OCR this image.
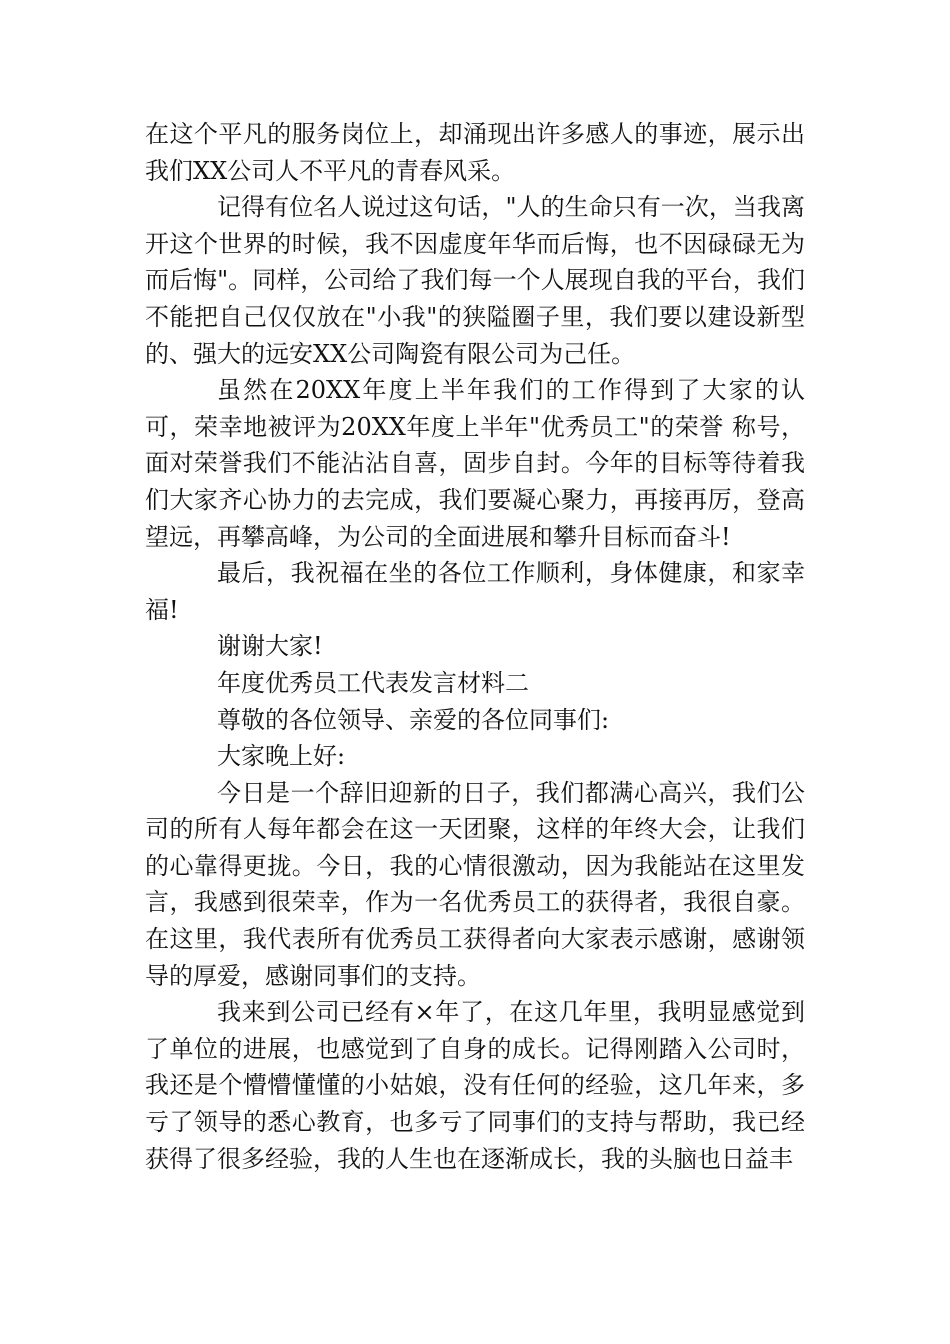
在这个平凡的服务岗位上，却涌现出许多感人的事迹，展示出我们XX公司人不平凡的青春风采。

记得有位名人说过这句话，"人的生命只有一次，当我离开这个世界的时候，我不因虚度年华而后悔，也不因碌碌无为而后悔"。同样，公司给了我们每一个人展现自我的平台，我们不能把自己仅仅放在"小我"的狭隘圈子里，我们要以建设新型的、强大的远安XX公司陶瓷有限公司为己任。

虽然在20XX年度上半年我们的工作得到了大家的认可，荣幸地被评为20XX年度上半年"优秀员工"的荣誉 称号，面对荣誉我们不能沾沾自喜，固步自封。今年的目标等待着我们大家齐心协力的去完成，我们要凝心聚力，再接再厉，登高望远，再攀高峰，为公司的全面进展和攀升目标而奋斗!

最后，我祝福在坐的各位工作顺利，身体健康，和家幸福!

谢谢大家!

年度优秀员工代表发言材料二

尊敬的各位领导、亲爱的各位同事们:

大家晚上好:

今日是一个辞旧迎新的日子，我们都满心高兴，我们公司的所有人每年都会在这一天团聚，这样的年终大会，让我们的心靠得更拢。今日，我的心情很激动，因为我能站在这里发言，我感到很荣幸，作为一名优秀员工的获得者，我很自豪。在这里，我代表所有优秀员工获得者向大家表示感谢，感谢领导的厚爱，感谢同事们的支持。

我来到公司已经有×年了，在这几年里，我明显感觉到了单位的进展，也感觉到了自身的成长。记得刚踏入公司时，我还是个懵懵懂懂的小姑娘，没有任何的经验，这几年来，多亏了领导的悉心教育，也多亏了同事们的支持与帮助，我已经获得了很多经验，我的人生也在逐渐成长，我的头脑也日益丰
